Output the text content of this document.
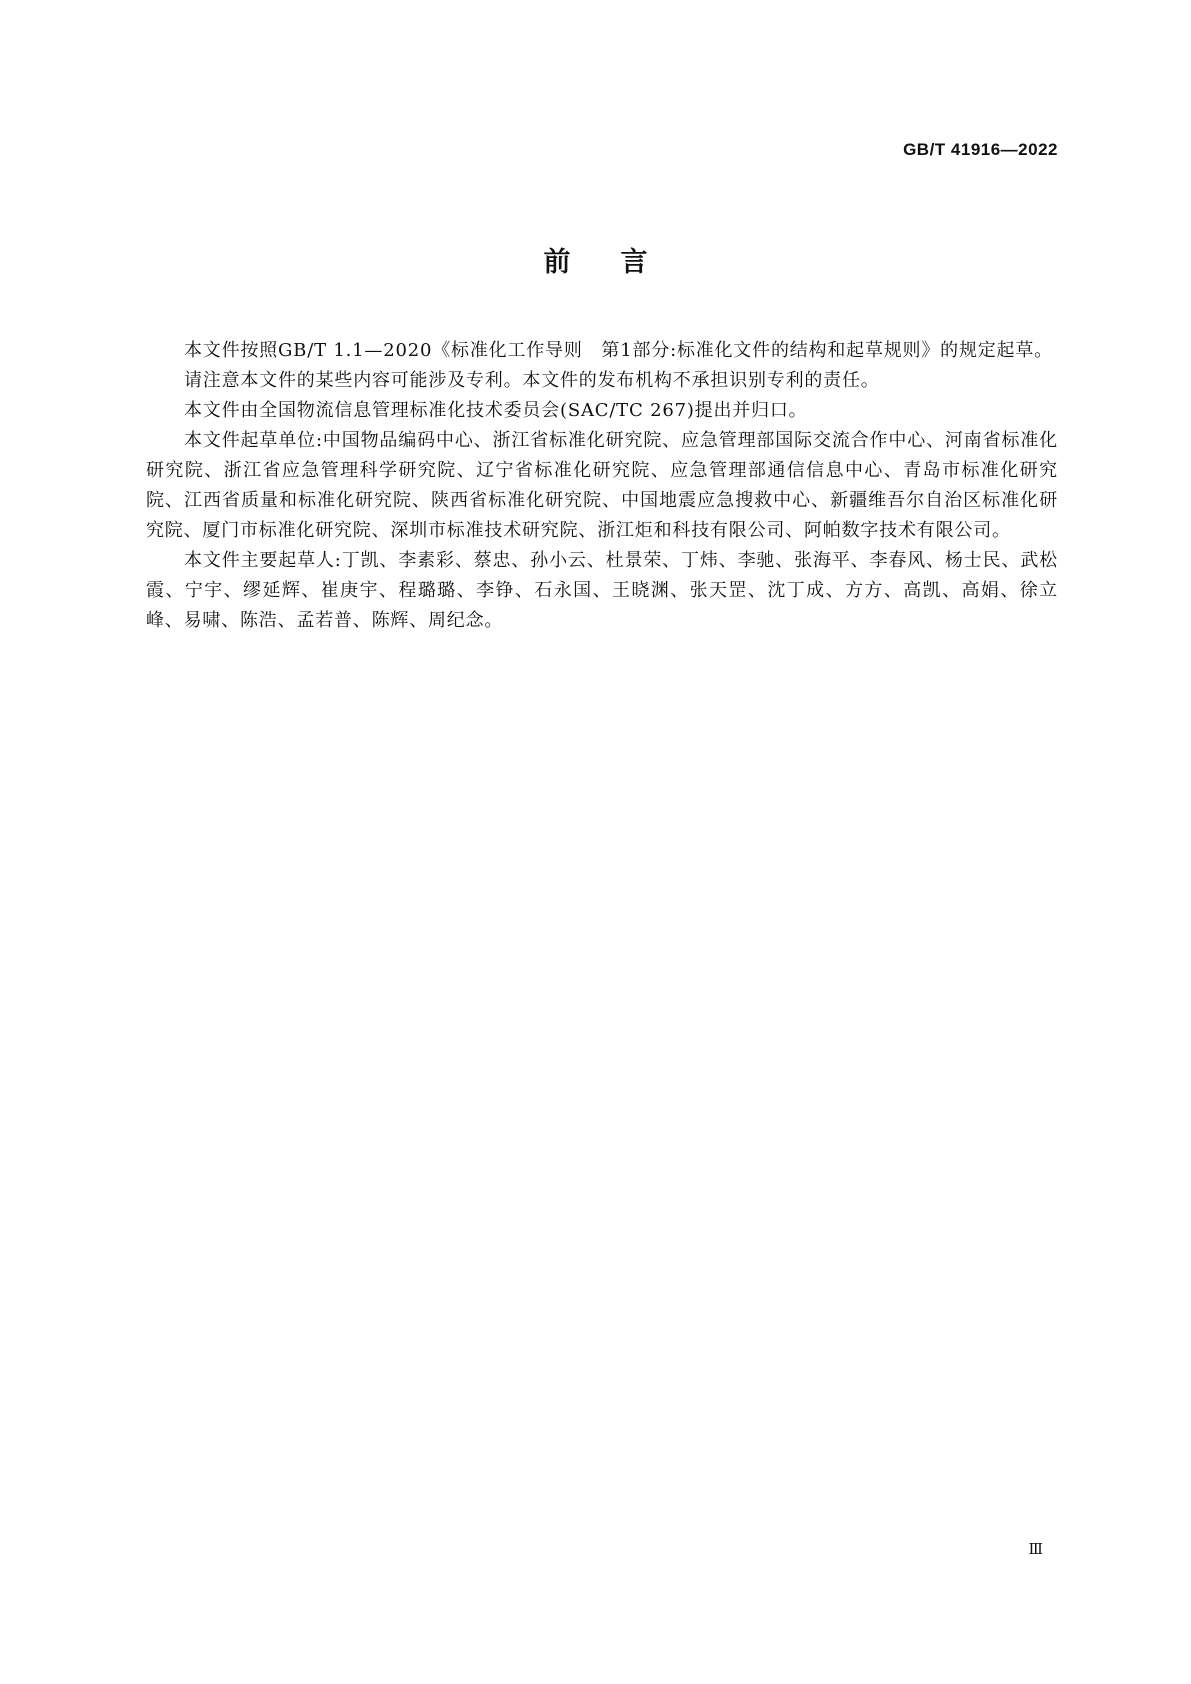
GB/T 41916—2022
前言

本文件按照GB/T 1.1—2020《标准化工作导则　第1部分:标准化文件的结构和起草规则》的规定起草。

请注意本文件的某些内容可能涉及专利。本文件的发布机构不承担识别专利的责任。

本文件由全国物流信息管理标准化技术委员会(SAC/TC 267)提出并归口。

本文件起草单位:中国物品编码中心、浙江省标准化研究院、应急管理部国际交流合作中心、河南省标准化研究院、浙江省应急管理科学研究院、辽宁省标准化研究院、应急管理部通信信息中心、青岛市标准化研究院、江西省质量和标准化研究院、陕西省标准化研究院、中国地震应急搜救中心、新疆维吾尔自治区标准化研究院、厦门市标准化研究院、深圳市标准技术研究院、浙江炬和科技有限公司、阿帕数字技术有限公司。

本文件主要起草人:丁凯、李素彩、蔡忠、孙小云、杜景荣、丁炜、李驰、张海平、李春风、杨士民、武松霞、宁宇、缪延辉、崔庚宇、程璐璐、李铮、石永国、王晓渊、张天罡、沈丁成、方方、高凯、高娟、徐立峰、易啸、陈浩、孟若普、陈辉、周纪念。

Ⅲ
